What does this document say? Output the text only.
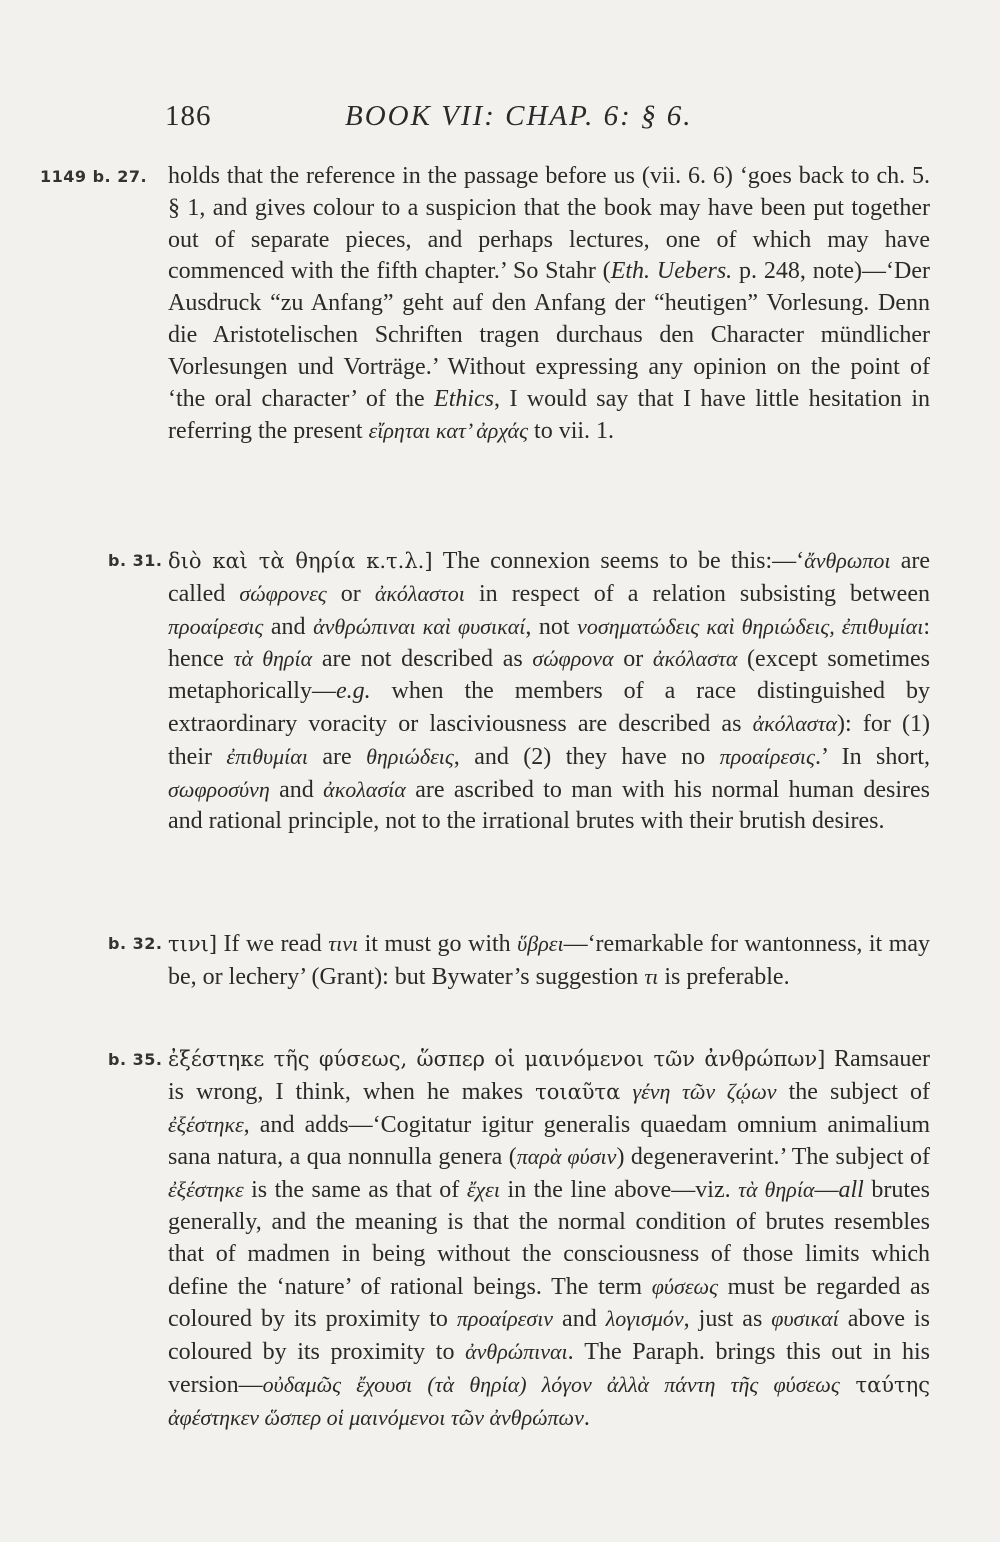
186	BOOK VII: CHAP. 6: § 6.
1149 b. 27. holds that the reference in the passage before us (vii. 6. 6) ‘goes back to ch. 5. § 1, and gives colour to a suspicion that the book may have been put together out of separate pieces, and perhaps lectures, one of which may have commenced with the fifth chapter.’ So Stahr (Eth. Uebers. p. 248, note)—‘Der Ausdruck “zu Anfang” geht auf den Anfang der “heutigen” Vorlesung. Denn die Aristotelischen Schriften tragen durchaus den Character mündlicher Vorlesungen und Vorträge.’ Without expressing any opinion on the point of ‘the oral character’ of the Ethics, I would say that I have little hesitation in referring the present εἴρηται κατ’ ἀρχάς to vii. 1.
b. 31. διὸ καὶ τὰ θηρία κ.τ.λ.] The connexion seems to be this:—‘ἄνθρωποι are called σώφρονες or ἀκόλαστοι in respect of a relation subsisting between προαίρεσις and ἀνθρώπιναι καὶ φυσικαί, not νοσηματώδεις καὶ θηριώδεις, ἐπιθυμίαι: hence τὰ θηρία are not described as σώφρονα or ἀκόλαστα (except sometimes metaphorically—e.g. when the members of a race distinguished by extraordinary voracity or lasciviousness are described as ἀκόλαστα): for (1) their ἐπιθυμίαι are θηριώδεις, and (2) they have no προαίρεσις.’ In short, σωφροσύνη and ἀκολασία are ascribed to man with his normal human desires and rational principle, not to the irrational brutes with their brutish desires.
b. 32. τινι] If we read τινι it must go with ὕβρει—‘remarkable for wantonness, it may be, or lechery’ (Grant): but Bywater’s suggestion τι is preferable.
b. 35. ἐξέστηκε τῆς φύσεως, ὥσπερ οἱ μαινόμενοι τῶν ἀνθρώπων] Ramsauer is wrong, I think, when he makes τοιαῦτα γένη τῶν ζῴων the subject of ἐξέστηκε, and adds—‘Cogitatur igitur generalis quaedam omnium animalium sana natura, a qua nonnulla genera (παρὰ φύσιν) degeneraverint.’ The subject of ἐξέστηκε is the same as that of ἔχει in the line above—viz. τὰ θηρία—all brutes generally, and the meaning is that the normal condition of brutes resembles that of madmen in being without the consciousness of those limits which define the ‘nature’ of rational beings. The term φύσεως must be regarded as coloured by its proximity to προαίρεσιν and λογισμόν, just as φυσικαί above is coloured by its proximity to ἀνθρώπιναι. The Paraph. brings this out in his version—οὐδαμῶς ἔχουσι (τὰ θηρία) λόγον ἀλλὰ πάντη τῆς φύσεως ταύτης ἀφέστηκεν ὥσπερ οἱ μαινόμενοι τῶν ἀνθρώπων.
